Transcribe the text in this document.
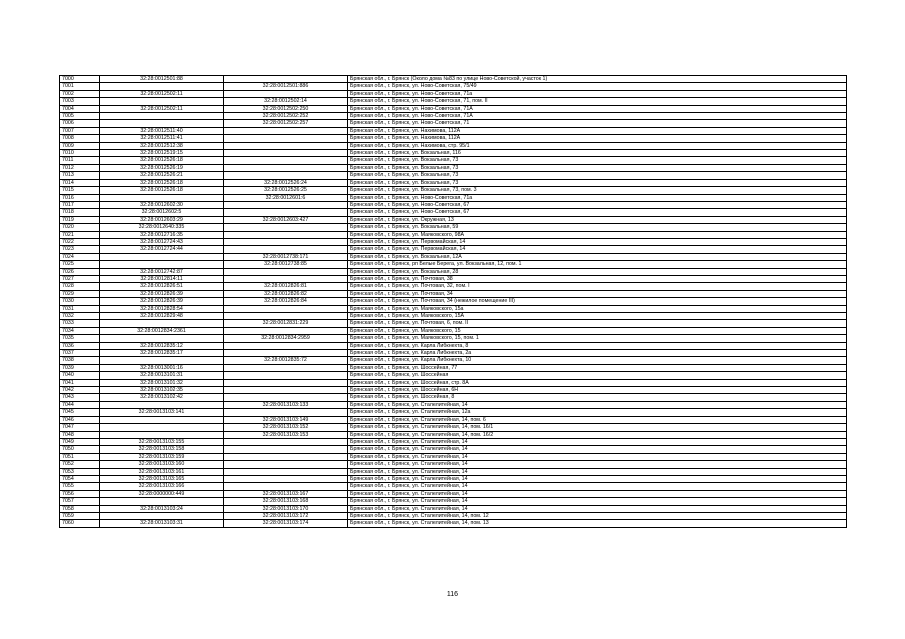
7000	32:28:0012501:88		Брянская обл., г. Брянск (Около дома №83 по улице Ново-Советской, участок 1)
7001		32:28:0012501:886	Брянская обл., г. Брянск, ул. Ново-Советская, 75/49
7002	32:28:0012502:11		Брянская обл., г. Брянск, ул. Ново-Советская, 71а
7003		32:28:0012502:14	Брянская обл., г. Брянск, ул. Ново-Советская, 71, пом. II
7004	32:28:0012502:11	32:28:0012502:250	Брянская обл., г. Брянск, ул. Ново-Советская, 71А
7005		32:28:0012502:252	Брянская обл., г. Брянск, ул. Ново-Советская, 71А
7006		32:28:0012502:257	Брянская обл., г. Брянск, ул. Ново-Советская, 71
7007	32:28:0012511:40		Брянская обл., г. Брянск, ул. Нахимова, 112А
7008	32:28:0012511:41		Брянская обл., г. Брянск, ул. Нахимова, 112А
7009	32:28:0012512:38		Брянская обл., г. Брянск, ул. Нахимова, стр. 95/1
7010	32:28:0012519:15		Брянская обл., г. Брянск, ул. Вокзальная, 116
7011	32:28:0012526:18		Брянская обл., г. Брянск, ул. Вокзальная, 73
7012	32:28:0012526:19		Брянская обл., г. Брянск, ул. Вокзальная, 73
7013	32:28:0012526:21		Брянская обл., г. Брянск, ул. Вокзальная, 73
7014	32:28:0012526:18	32:28:0012526:24	Брянская обл., г. Брянск, ул. Вокзальная, 73
7015	32:28:0012526:18	32:28:0012526:25	Брянская обл., г. Брянск, ул. Вокзальная, 73, пом. 3
7016		32:28:0012601:6	Брянская обл., г. Брянск, ул. Ново-Советская, 71а
7017	32:28:0012602:30		Брянская обл., г. Брянск, ул. Ново-Советская, 67
7018	32:28:0012602:5		Брянская обл., г. Брянск, ул. Ново-Советская, 67
7019	32:28:0012603:29	32:28:0012603:427	Брянская обл., г. Брянск, ул. Окружная, 13
7020	32:28:0012640:335		Брянская обл., г. Брянск, ул. Вокзальная, 59
7021	32:28:0012716:35		Брянская обл., г. Брянск, ул. Маяковского, 98А
7022	32:28:0012724:43		Брянская обл., г. Брянск, ул. Первомайская, 14
7023	32:28:0012724:44		Брянская обл., г. Брянск, ул. Первомайская, 14
7024		32:28:0012738:171	Брянская обл., г. Брянск, ул. Вокзальная, 12А
7025		32:28:0012738:85	Брянская обл., г. Брянск, рп Белые Берега, ул. Вокзальная, 12, пом. 1
7026	32:28:0012742:87		Брянская обл., г. Брянск, ул. Вокзальная, 28
7027	32:28:0012814:11		Брянская обл., г. Брянск, ул. Почтовая, 38
7028	32:28:0012826:51	32:28:0012826:81	Брянская обл., г. Брянск, ул. Почтовая, 32, пом. I
7029	32:28:0012826:39	32:28:0012826:82	Брянская обл., г. Брянск, ул. Почтовая, 34
7030	32:28:0012826:39	32:28:0012826:84	Брянская обл., г. Брянск, ул. Почтовая, 34 (нежилое помещение III)
7031	32:28:0012828:54		Брянская обл., г. Брянск, ул. Маяковского, 15а
7032	32:28:0012829:48		Брянская обл., г. Брянск, ул. Маяковского, 15А
7033		32:28:0012831:229	Брянская обл., г. Брянск, ул. Почтовая, 6, пом. II
7034	32:28:0012834:2361		Брянская обл., г. Брянск, ул. Маяковского, 15
7035		32:28:0012834:2959	Брянская обл., г. Брянск, ул. Маяковского, 15, пом. 1
7036	32:28:0012835:12		Брянская обл., г. Брянск, ул. Карла Либкнехта, 8
7037	32:28:0012835:17		Брянская обл., г. Брянск, ул. Карла Либкнехта, 2а
7038		32:28:0012835:72	Брянская обл., г. Брянск, ул. Карла Либкнехта, 10
7039	32:28:0013001:16		Брянская обл., г. Брянск, ул. Шоссейная, 77
7040	32:28:0013101:31		Брянская обл., г. Брянск, ул. Шоссейная
7041	32:28:0013101:32		Брянская обл., г. Брянск, ул. Шоссейная, стр. 8А
7042	32:28:0013102:35		Брянская обл., г. Брянск, ул. Шоссейная, 6Н
7043	32:28:0013102:42		Брянская обл., г. Брянск, ул. Шоссейная, 8
7044		32:28:0013103:133	Брянская обл., г. Брянск, ул. Сталелитейная, 14
7045	32:28:0013103:141		Брянская обл., г. Брянск, ул. Сталелитейная, 12а
7046		32:28:0013103:149	Брянская обл., г. Брянск, ул. Сталелитейная, 14, пом. 6
7047		32:28:0013103:152	Брянская обл., г. Брянск, ул. Сталелитейная, 14, пом. 16/1
7048		32:28:0013103:153	Брянская обл., г. Брянск, ул. Сталелитейная, 14, пом. 16/2
7049	32:28:0013103:155		Брянская обл., г. Брянск, ул. Сталелитейная, 14
7050	32:28:0013103:158		Брянская обл., г. Брянск, ул. Сталелитейная, 14
7051	32:28:0013103:159		Брянская обл., г. Брянск, ул. Сталелитейная, 14
7052	32:28:0013103:160		Брянская обл., г. Брянск, ул. Сталелитейная, 14
7053	32:28:0013103:161		Брянская обл., г. Брянск, ул. Сталелитейная, 14
7054	32:28:0013103:165		Брянская обл., г. Брянск, ул. Сталелитейная, 14
7055	32:28:0013103:166		Брянская обл., г. Брянск, ул. Сталелитейная, 14
7056	32:28:0000000:449	32:28:0013103:167	Брянская обл., г. Брянск, ул. Сталелитейная, 14
7057		32:28:0013103:168	Брянская обл., г. Брянск, ул. Сталелитейная, 14
7058	32:28:0013103:24	32:28:0013103:170	Брянская обл., г. Брянск, ул. Сталелитейная, 14
7059		32:28:0013103:172	Брянская обл., г. Брянск, ул. Сталелитейная, 14, пом. 12
7060	32:28:0013103:31	32:28:0013103:174	Брянская обл., г. Брянск, ул. Сталелитейная, 14, пом. 13
116
